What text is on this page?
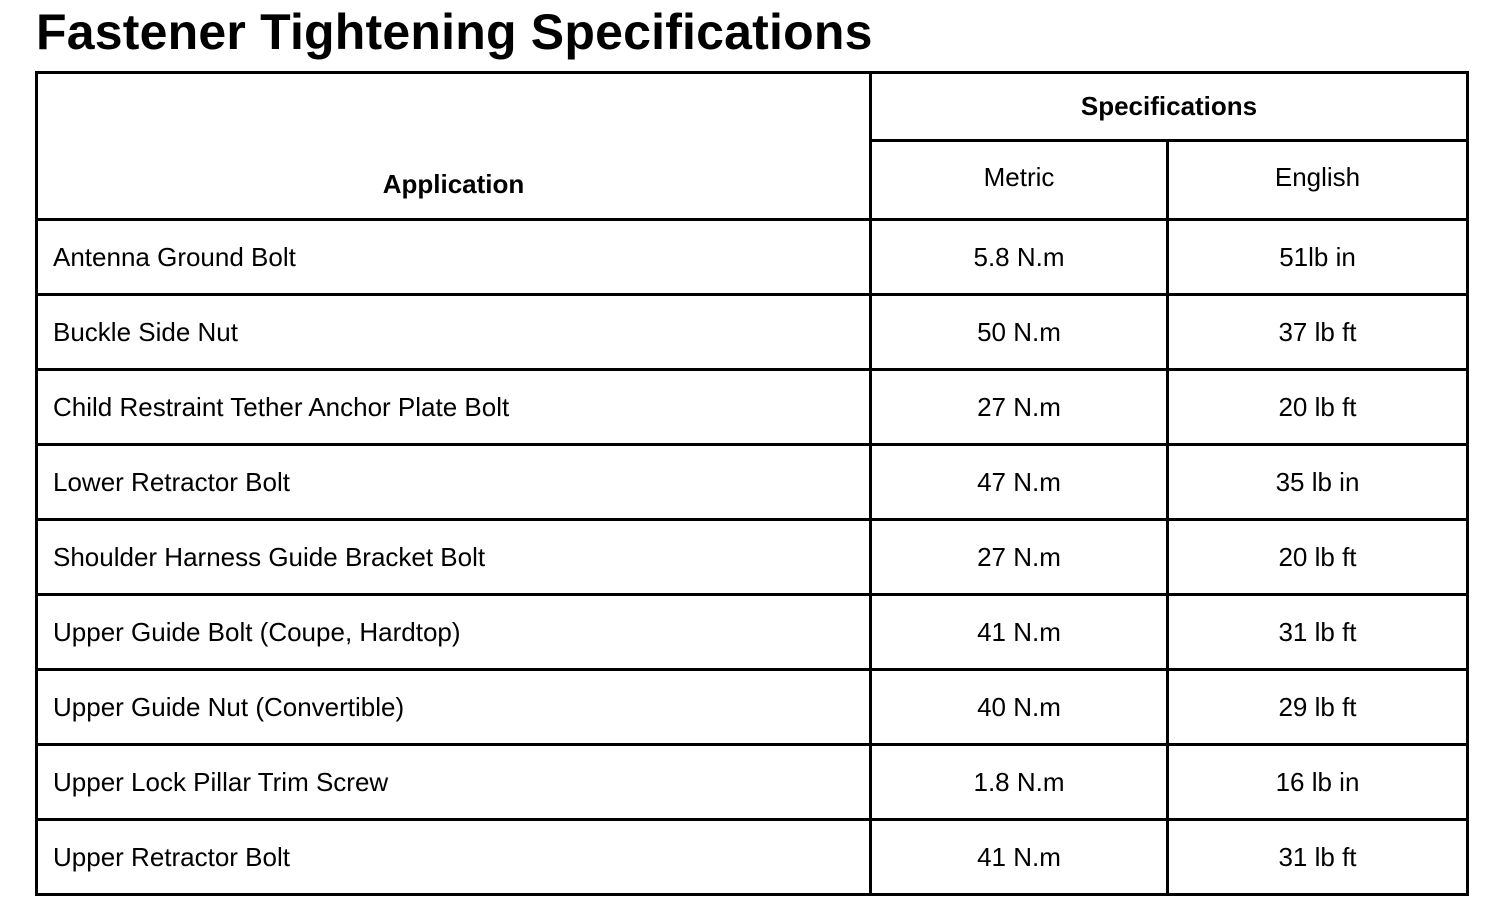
Fastener Tightening Specifications
Application	Specifications	
	Metric	English
Antenna Ground Bolt	5.8 N.m	51lb in
Buckle Side Nut	50 N.m	37 lb ft
Child Restraint Tether Anchor Plate Bolt	27 N.m	20 lb ft
Lower Retractor Bolt	47 N.m	35 lb in
Shoulder Harness Guide Bracket Bolt	27 N.m	20 lb ft
Upper Guide Bolt (Coupe, Hardtop)	41 N.m	31 lb ft
Upper Guide Nut (Convertible)	40 N.m	29 lb ft
Upper Lock Pillar Trim Screw	1.8 N.m	16 lb in
Upper Retractor Bolt	41 N.m	31 lb ft
